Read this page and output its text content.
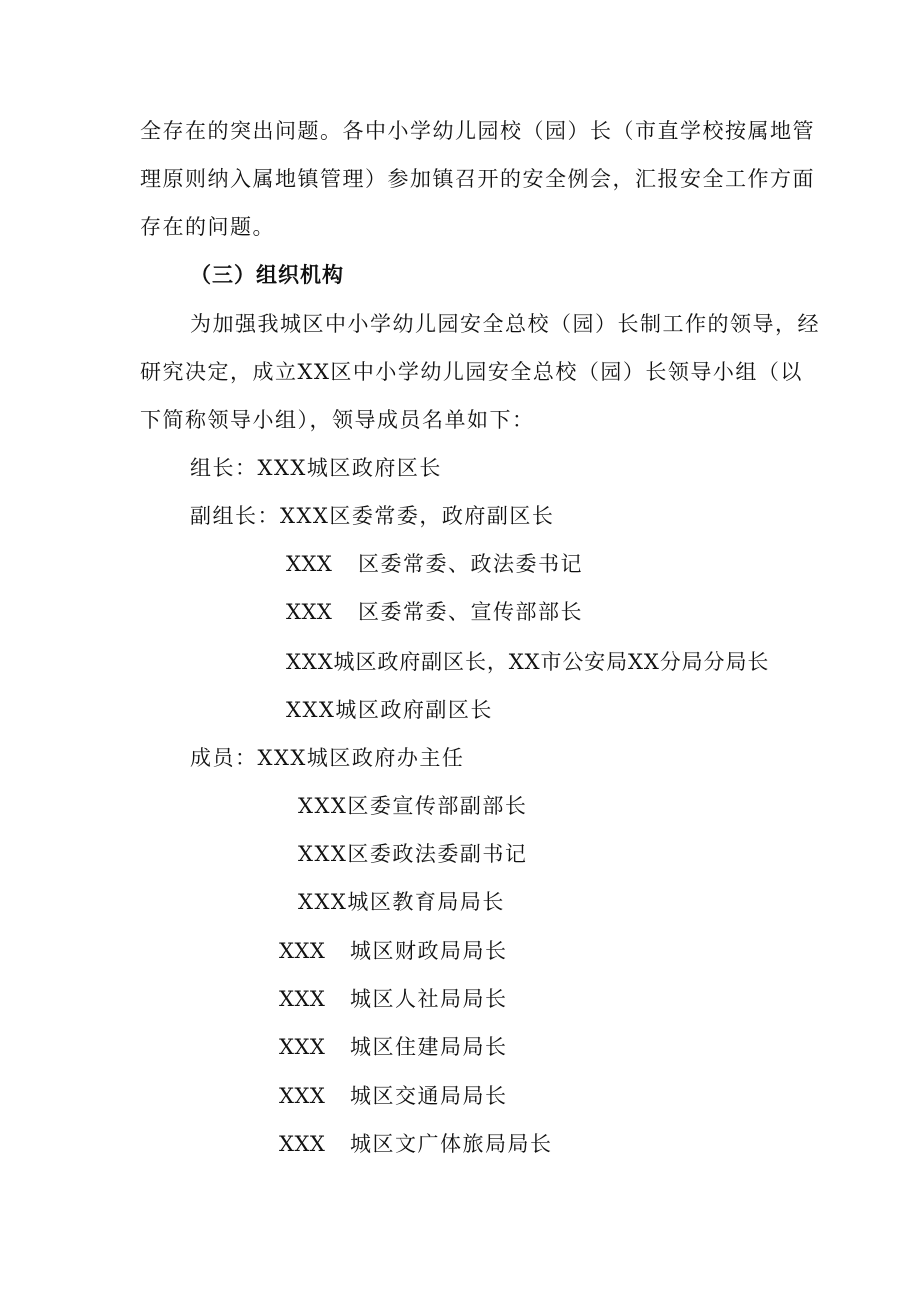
全存在的突出问题。各中小学幼儿园校（园）长（市直学校按属地管
理原则纳入属地镇管理）参加镇召开的安全例会，汇报安全工作方面
存在的问题。
（三）组织机构
为加强我城区中小学幼儿园安全总校（园）长制工作的领导，经
研究决定，成立XX区中小学幼儿园安全总校（园）长领导小组（以
下简称领导小组），领导成员名单如下：
组长：XXX城区政府区长
副组长：XXX区委常委，政府副区长
XXX 区委常委、政法委书记
XXX 区委常委、宣传部部长
XXX城区政府副区长，XX市公安局XX分局分局长
XXX城区政府副区长
成员：XXX城区政府办主任
XXX区委宣传部副部长
XXX区委政法委副书记
XXX城区教育局局长
XXX 城区财政局局长
XXX 城区人社局局长
XXX 城区住建局局长
XXX 城区交通局局长
XXX 城区文广体旅局局长
